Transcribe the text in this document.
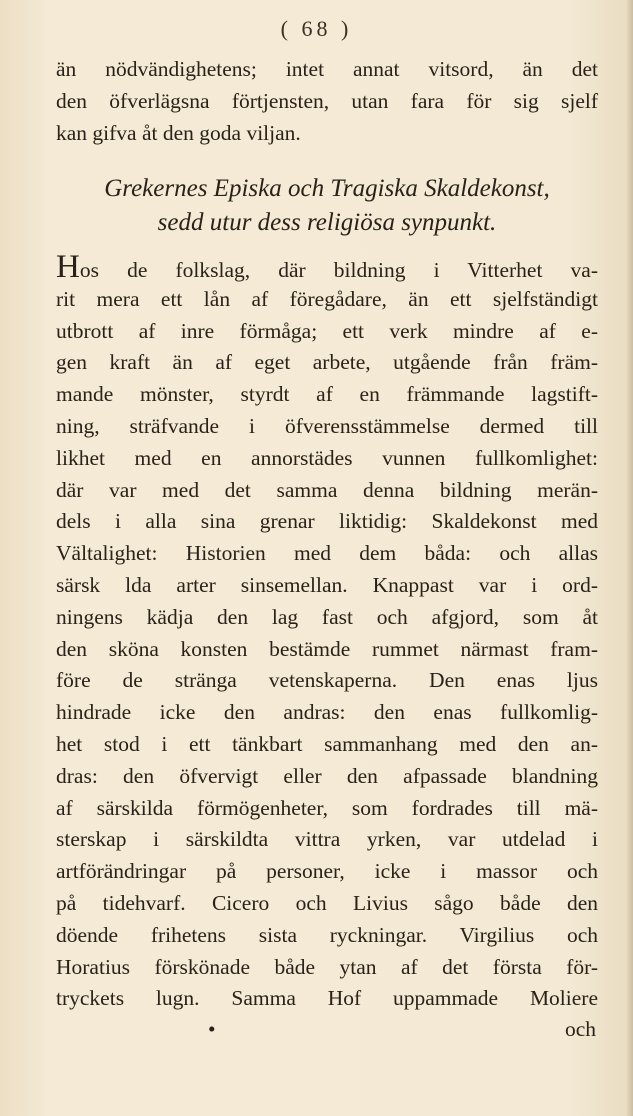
( 68 )
än nödvändighetens; intet annat vitsord, än det
den öfverlägsna förtjensten, utan fara för sig sjelf
kan gifva åt den goda viljan.
Grekernes Episka och Tragiska Skaldekonst,
sedd utur dess religiösa synpunkt.
Hos de folkslag, där bildning i Vitterhet va-
rit mera ett lån af föregådare, än ett sjelfständigt
utbrott af inre förmåga; ett verk mindre af e-
gen kraft än af eget arbete, utgående från främ-
mande mönster, styrdt af en främmande lagstift-
ning, sträfvande i öfverensstämmelse dermed till
likhet med en annorstädes vunnen fullkomlighet:
där var med det samma denna bildning merän-
dels i alla sina grenar liktidig: Skaldekonst med
Vältalighet: Historien med dem båda: och allas
särsk lda arter sinsemellan. Knappast var i ord-
ningens kädja den lag fast och afgjord, som åt
den sköna konsten bestämde rummet närmast fram-
före de stränga vetenskaperna. Den enas ljus
hindrade icke den andras: den enas fullkomlig-
het stod i ett tänkbart sammanhang med den an-
dras: den öfvervigt eller den afpassade blandning
af särskilda förmögenheter, som fordrades till mä-
sterskap i särskildta vittra yrken, var utdelad i
artförändringar på personer, icke i massor och
på tidehvarf. Cicero och Livius sågo både den
döende frihetens sista ryckningar. Virgilius och
Horatius förskönade både ytan af det första för-
tryckets lugn. Samma Hof uppammade Moliere
•	och
